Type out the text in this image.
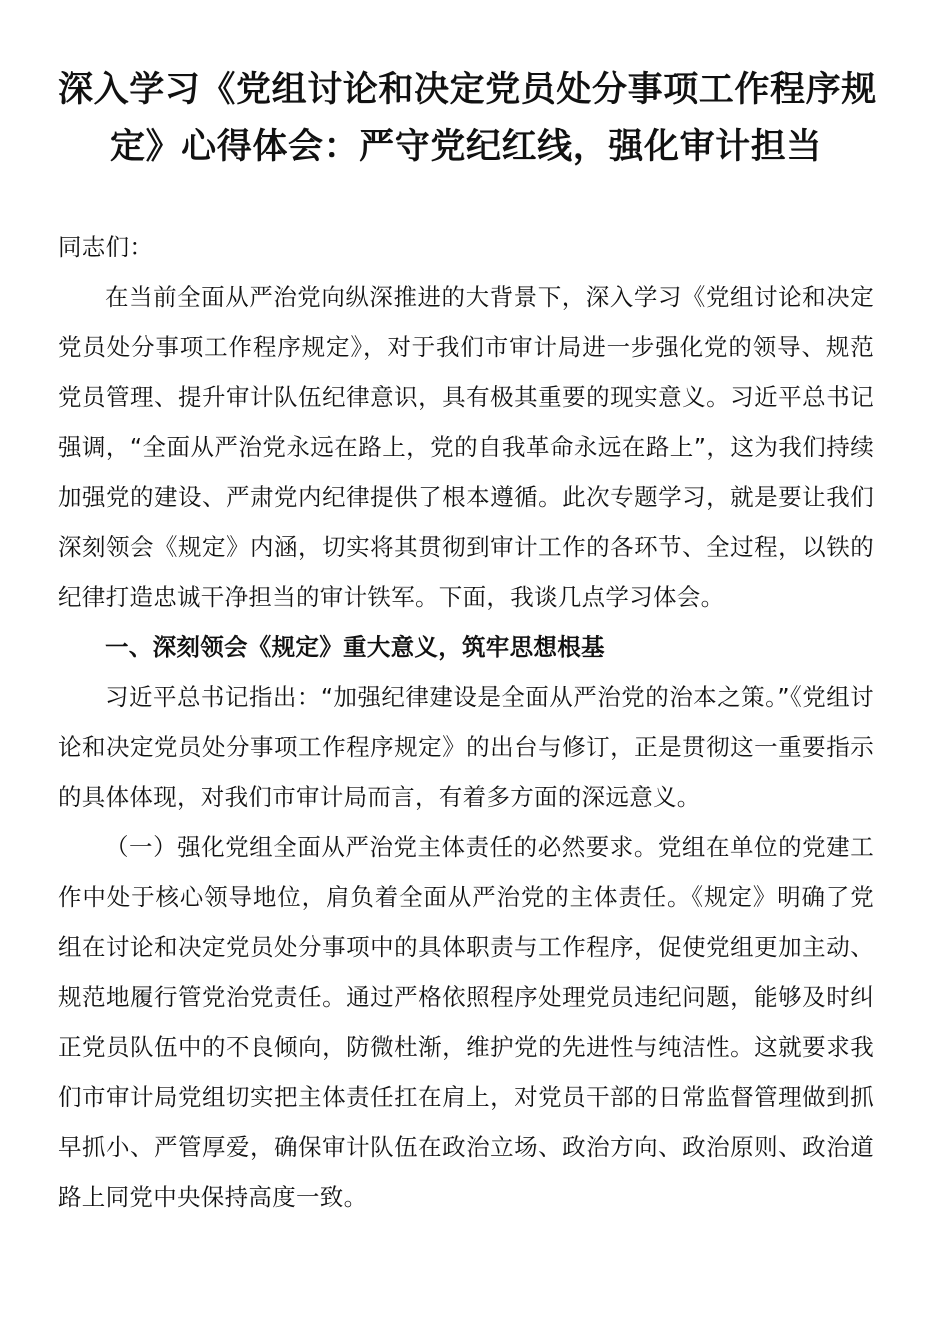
深入学习《党组讨论和决定党员处分事项工作程序规
定》心得体会：严守党纪红线，强化审计担当

同志们：

在当前全面从严治党向纵深推进的大背景下，深入学习《党组讨论和决定党员处分事项工作程序规定》，对于我们市审计局进一步强化党的领导、规范党员管理、提升审计队伍纪律意识，具有极其重要的现实意义。习近平总书记强调，“全面从严治党永远在路上，党的自我革命永远在路上”，这为我们持续加强党的建设、严肃党内纪律提供了根本遵循。此次专题学习，就是要让我们深刻领会《规定》内涵，切实将其贯彻到审计工作的各环节、全过程，以铁的纪律打造忠诚干净担当的审计铁军。下面，我谈几点学习体会。

一、深刻领会《规定》重大意义，筑牢思想根基

习近平总书记指出：“加强纪律建设是全面从严治党的治本之策。”《党组讨论和决定党员处分事项工作程序规定》的出台与修订，正是贯彻这一重要指示的具体体现，对我们市审计局而言，有着多方面的深远意义。

（一）强化党组全面从严治党主体责任的必然要求。党组在单位的党建工作中处于核心领导地位，肩负着全面从严治党的主体责任。《规定》明确了党组在讨论和决定党员处分事项中的具体职责与工作程序，促使党组更加主动、规范地履行管党治党责任。通过严格依照程序处理党员违纪问题，能够及时纠正党员队伍中的不良倾向，防微杜渐，维护党的先进性与纯洁性。这就要求我们市审计局党组切实把主体责任扛在肩上，对党员干部的日常监督管理做到抓早抓小、严管厚爱，确保审计队伍在政治立场、政治方向、政治原则、政治道路上同党中央保持高度一致。
